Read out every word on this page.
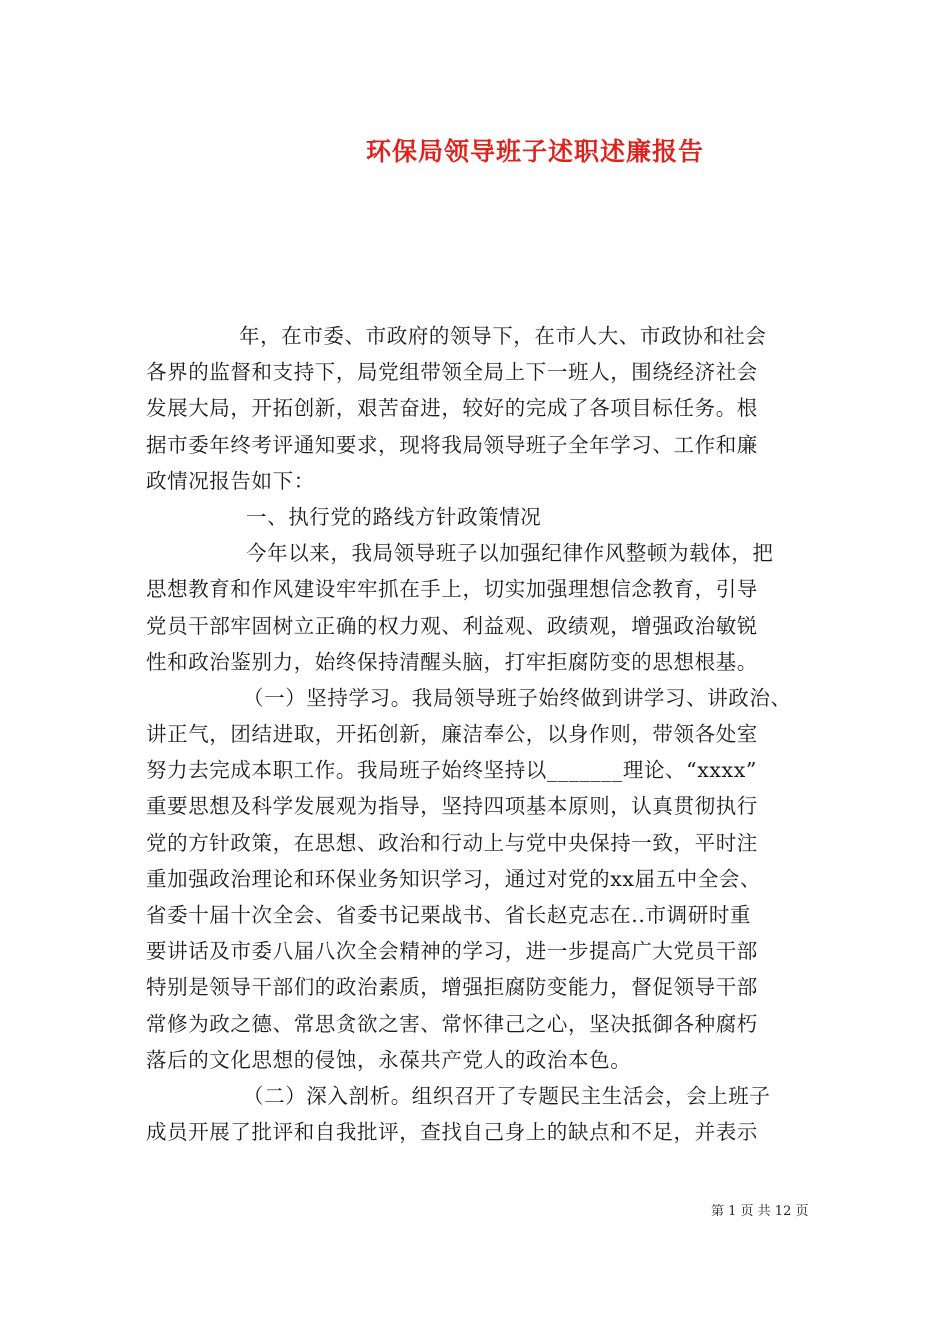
环保局领导班子述职述廉报告
年，在市委、市政府的领导下，在市人大、市政协和社会
各界的监督和支持下，局党组带领全局上下一班人，围绕经济社会
发展大局，开拓创新，艰苦奋进，较好的完成了各项目标任务。根
据市委年终考评通知要求，现将我局领导班子全年学习、工作和廉
政情况报告如下：
一、执行党的路线方针政策情况
今年以来，我局领导班子以加强纪律作风整顿为载体，把
思想教育和作风建设牢牢抓在手上，切实加强理想信念教育，引导
党员干部牢固树立正确的权力观、利益观、政绩观，增强政治敏锐
性和政治鉴别力，始终保持清醒头脑，打牢拒腐防变的思想根基。
（一）坚持学习。我局领导班子始终做到讲学习、讲政治、
讲正气，团结进取，开拓创新，廉洁奉公，以身作则，带领各处室
努力去完成本职工作。我局班子始终坚持以_______理论、“xxxx”
重要思想及科学发展观为指导，坚持四项基本原则，认真贯彻执行
党的方针政策，在思想、政治和行动上与党中央保持一致，平时注
重加强政治理论和环保业务知识学习，通过对党的xx届五中全会、
省委十届十次全会、省委书记栗战书、省长赵克志在..市调研时重
要讲话及市委八届八次全会精神的学习，进一步提高广大党员干部
特别是领导干部们的政治素质，增强拒腐防变能力，督促领导干部
常修为政之德、常思贪欲之害、常怀律己之心，坚决抵御各种腐朽
落后的文化思想的侵蚀，永葆共产党人的政治本色。
（二）深入剖析。组织召开了专题民主生活会，会上班子
成员开展了批评和自我批评，查找自己身上的缺点和不足，并表示
第 1 页 共 12 页
